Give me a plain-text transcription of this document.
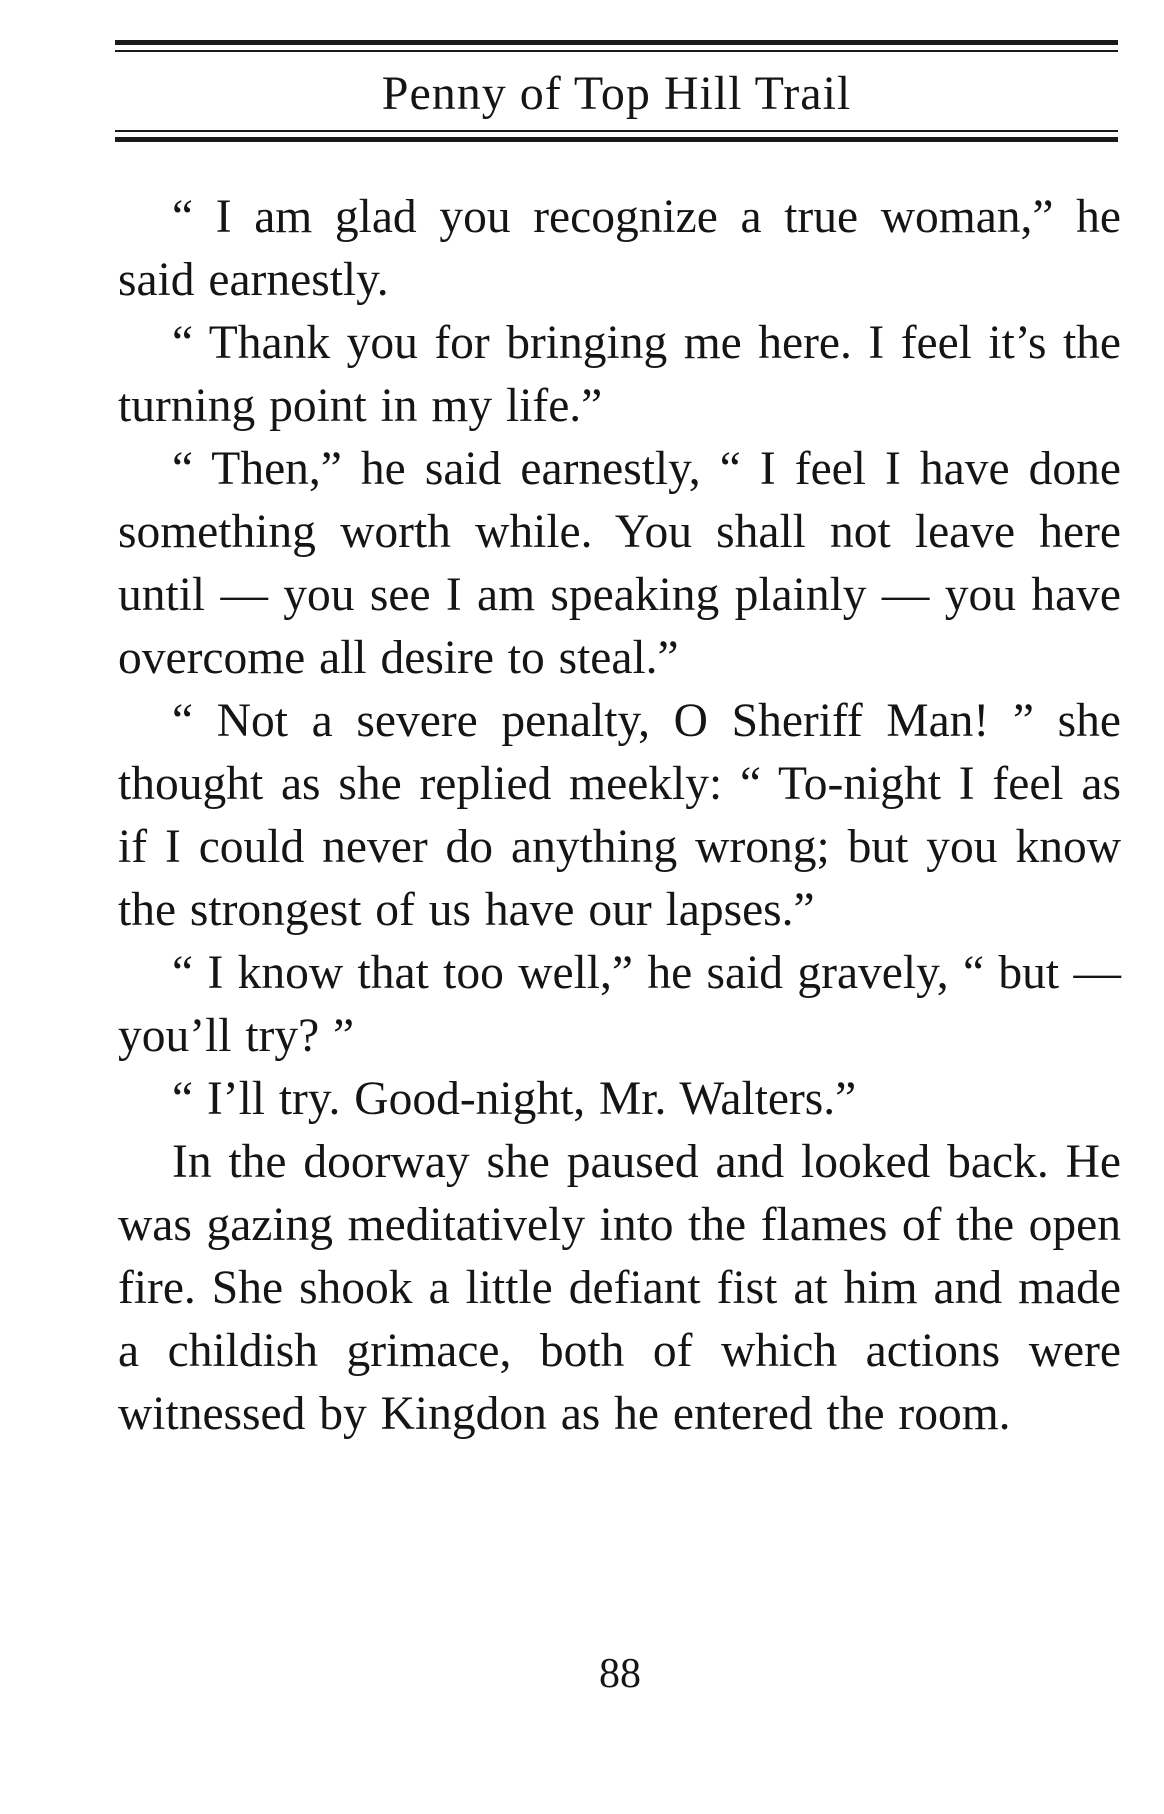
Penny of Top Hill Trail

“ I am glad you recognize a true woman,” he said earnestly.

“ Thank you for bringing me here. I feel it’s the turning point in my life.”

“ Then,” he said earnestly, “ I feel I have done something worth while. You shall not leave here until — you see I am speaking plainly — you have overcome all desire to steal.”

“ Not a severe penalty, O Sheriff Man! ” she thought as she replied meekly: “ To-night I feel as if I could never do anything wrong; but you know the strongest of us have our lapses.”

“ I know that too well,” he said gravely, “ but — you’ll try? ”

“ I’ll try. Good-night, Mr. Walters.”

In the doorway she paused and looked back. He was gazing meditatively into the flames of the open fire. She shook a little defiant fist at him and made a childish grimace, both of which actions were witnessed by Kingdon as he entered the room.

88
